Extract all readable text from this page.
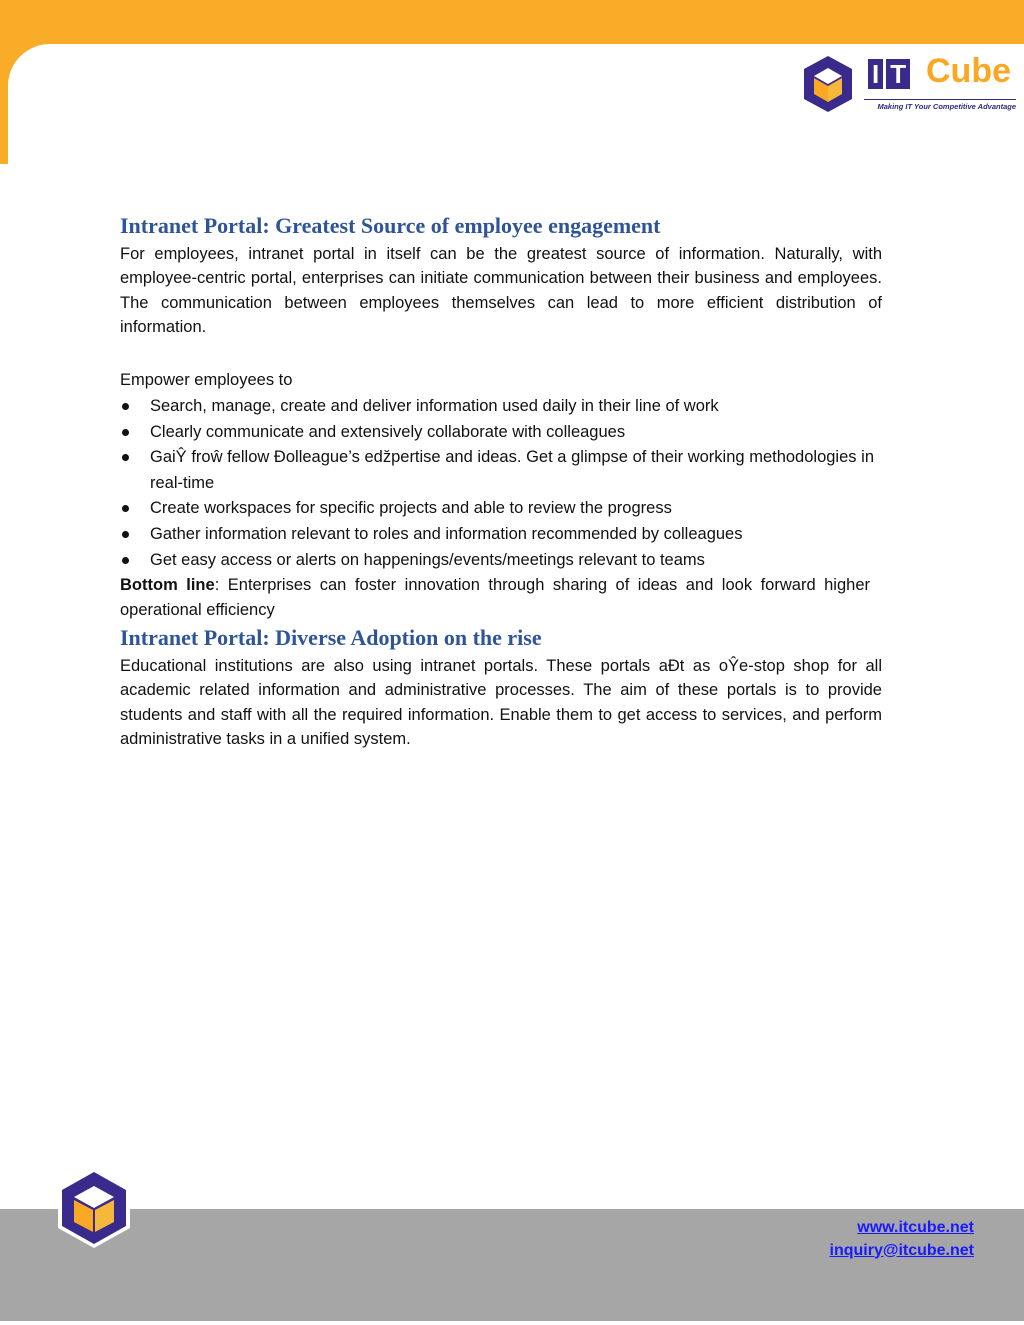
I T Cube
Making IT Your Competitive Advantage
Intranet Portal: Greatest Source of employee engagement

For employees, intranet portal in itself can be the greatest source of information. Naturally, with employee-centric portal, enterprises can initiate communication between their business and employees. The communication between employees themselves can lead to more efficient distribution of information.

Empower employees to
Search, manage, create and deliver information used daily in their line of work
Clearly communicate and extensively collaborate with colleagues
GaiŶ froŵ fellow Đolleague’s edžpertise and ideas. Get a glimpse of their working methodologies in real-time
Create workspaces for specific projects and able to review the progress
Gather information relevant to roles and information recommended by colleagues
Get easy access or alerts on happenings/events/meetings relevant to teams

Bottom line: Enterprises can foster innovation through sharing of ideas and look forward higher operational efficiency

Intranet Portal: Diverse Adoption on the rise

Educational institutions are also using intranet portals. These portals aĐt as oŶe-stop shop for all academic related information and administrative processes. The aim of these portals is to provide students and staff with all the required information. Enable them to get access to services, and perform administrative tasks in a unified system.

www.itcube.net
inquiry@itcube.net
